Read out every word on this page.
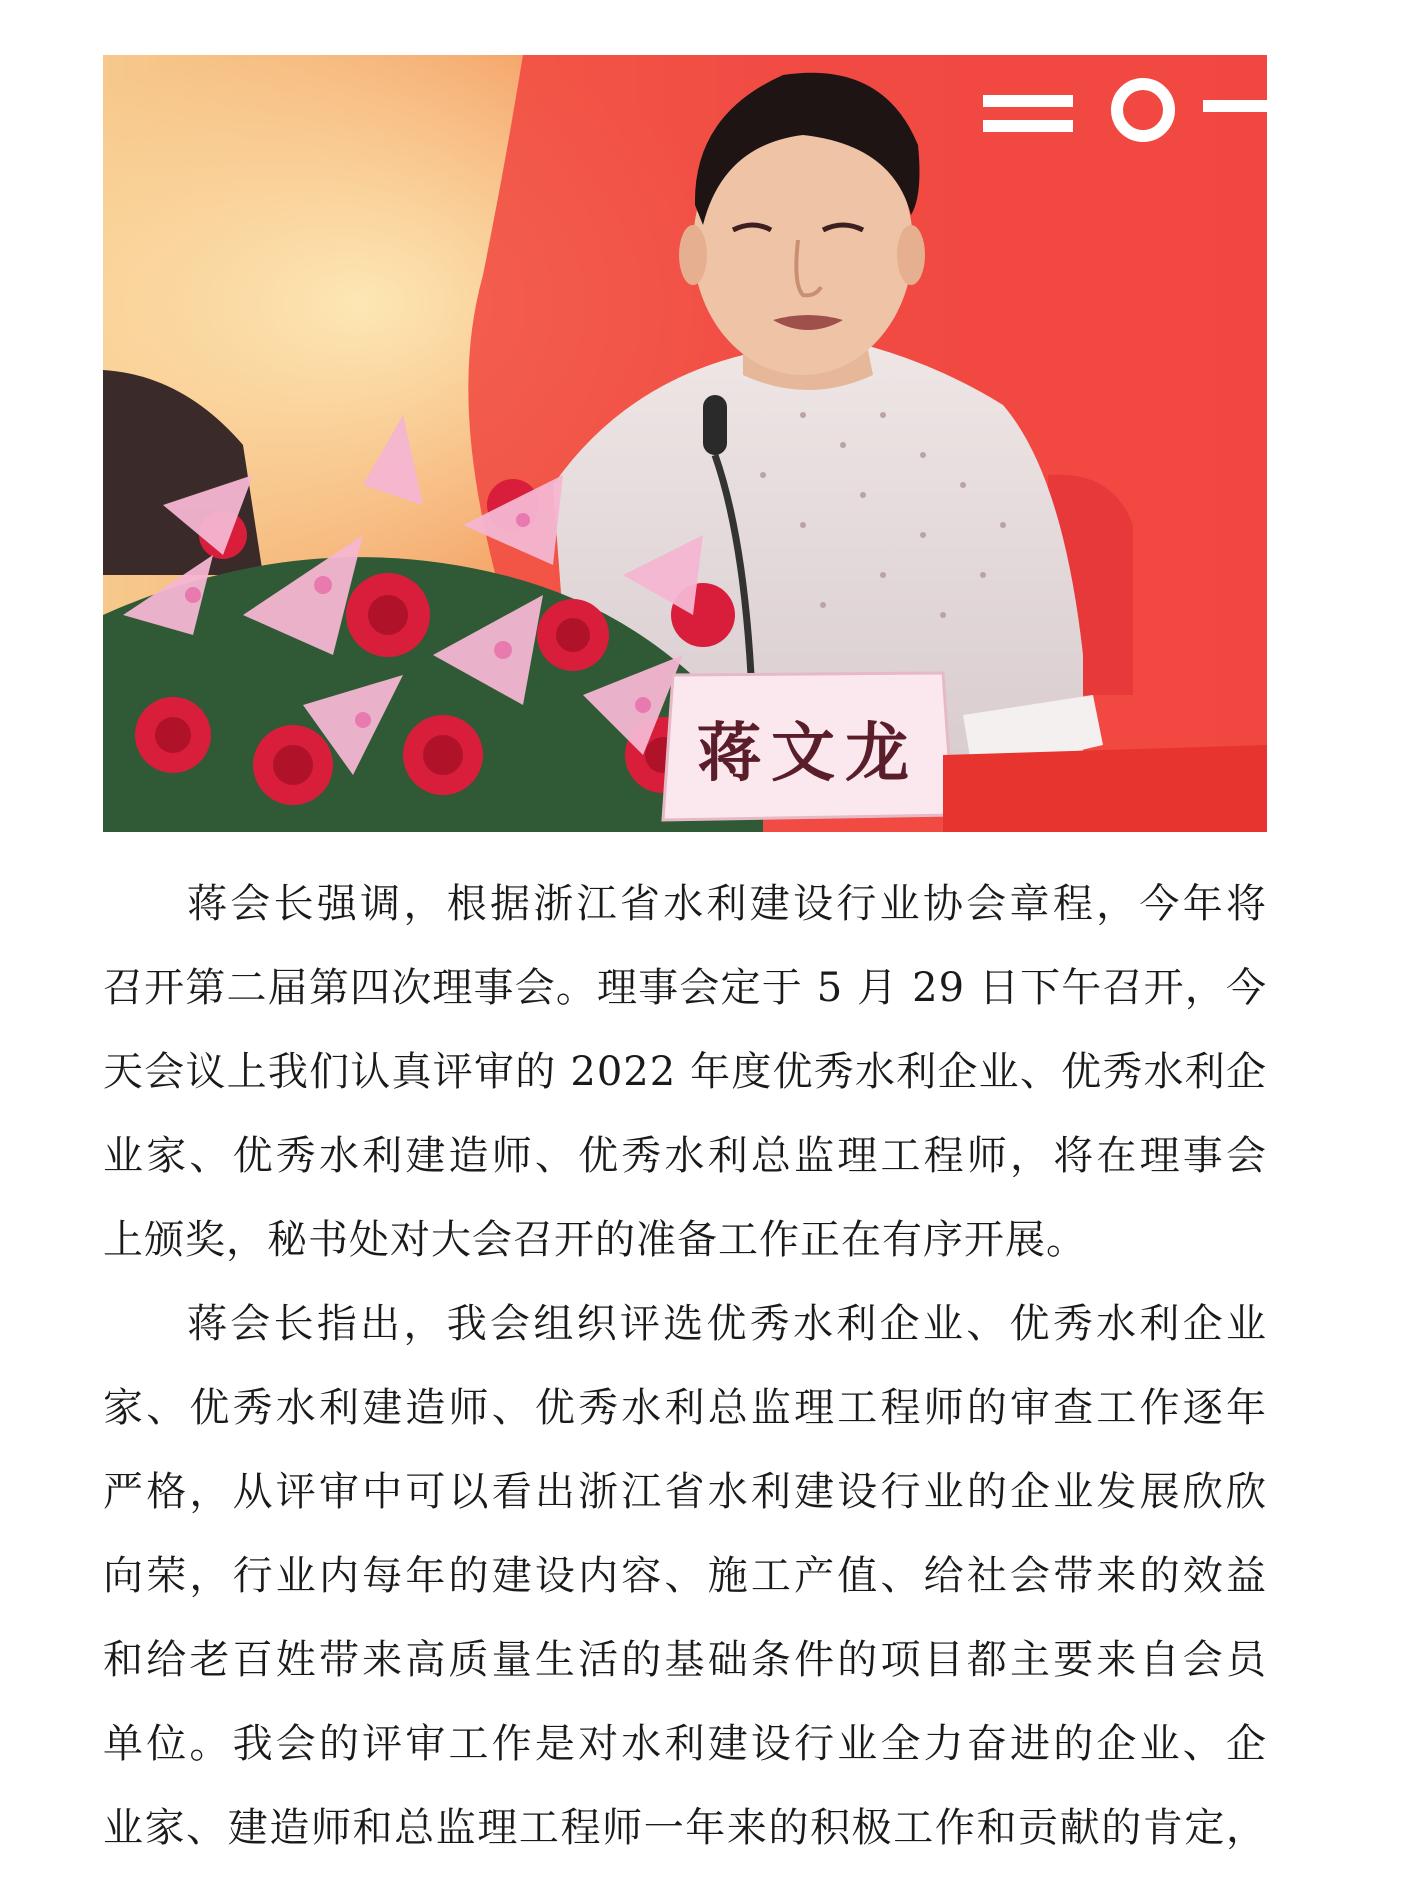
蒋文龙
蒋会长强调，根据浙江省水利建设行业协会章程，今年将
召开第二届第四次理事会。理事会定于 5 月 29 日下午召开，今
天会议上我们认真评审的 2022 年度优秀水利企业、优秀水利企
业家、优秀水利建造师、优秀水利总监理工程师，将在理事会
上颁奖，秘书处对大会召开的准备工作正在有序开展。
蒋会长指出，我会组织评选优秀水利企业、优秀水利企业
家、优秀水利建造师、优秀水利总监理工程师的审查工作逐年
严格，从评审中可以看出浙江省水利建设行业的企业发展欣欣
向荣，行业内每年的建设内容、施工产值、给社会带来的效益
和给老百姓带来高质量生活的基础条件的项目都主要来自会员
单位。我会的评审工作是对水利建设行业全力奋进的企业、企
业家、建造师和总监理工程师一年来的积极工作和贡献的肯定，
